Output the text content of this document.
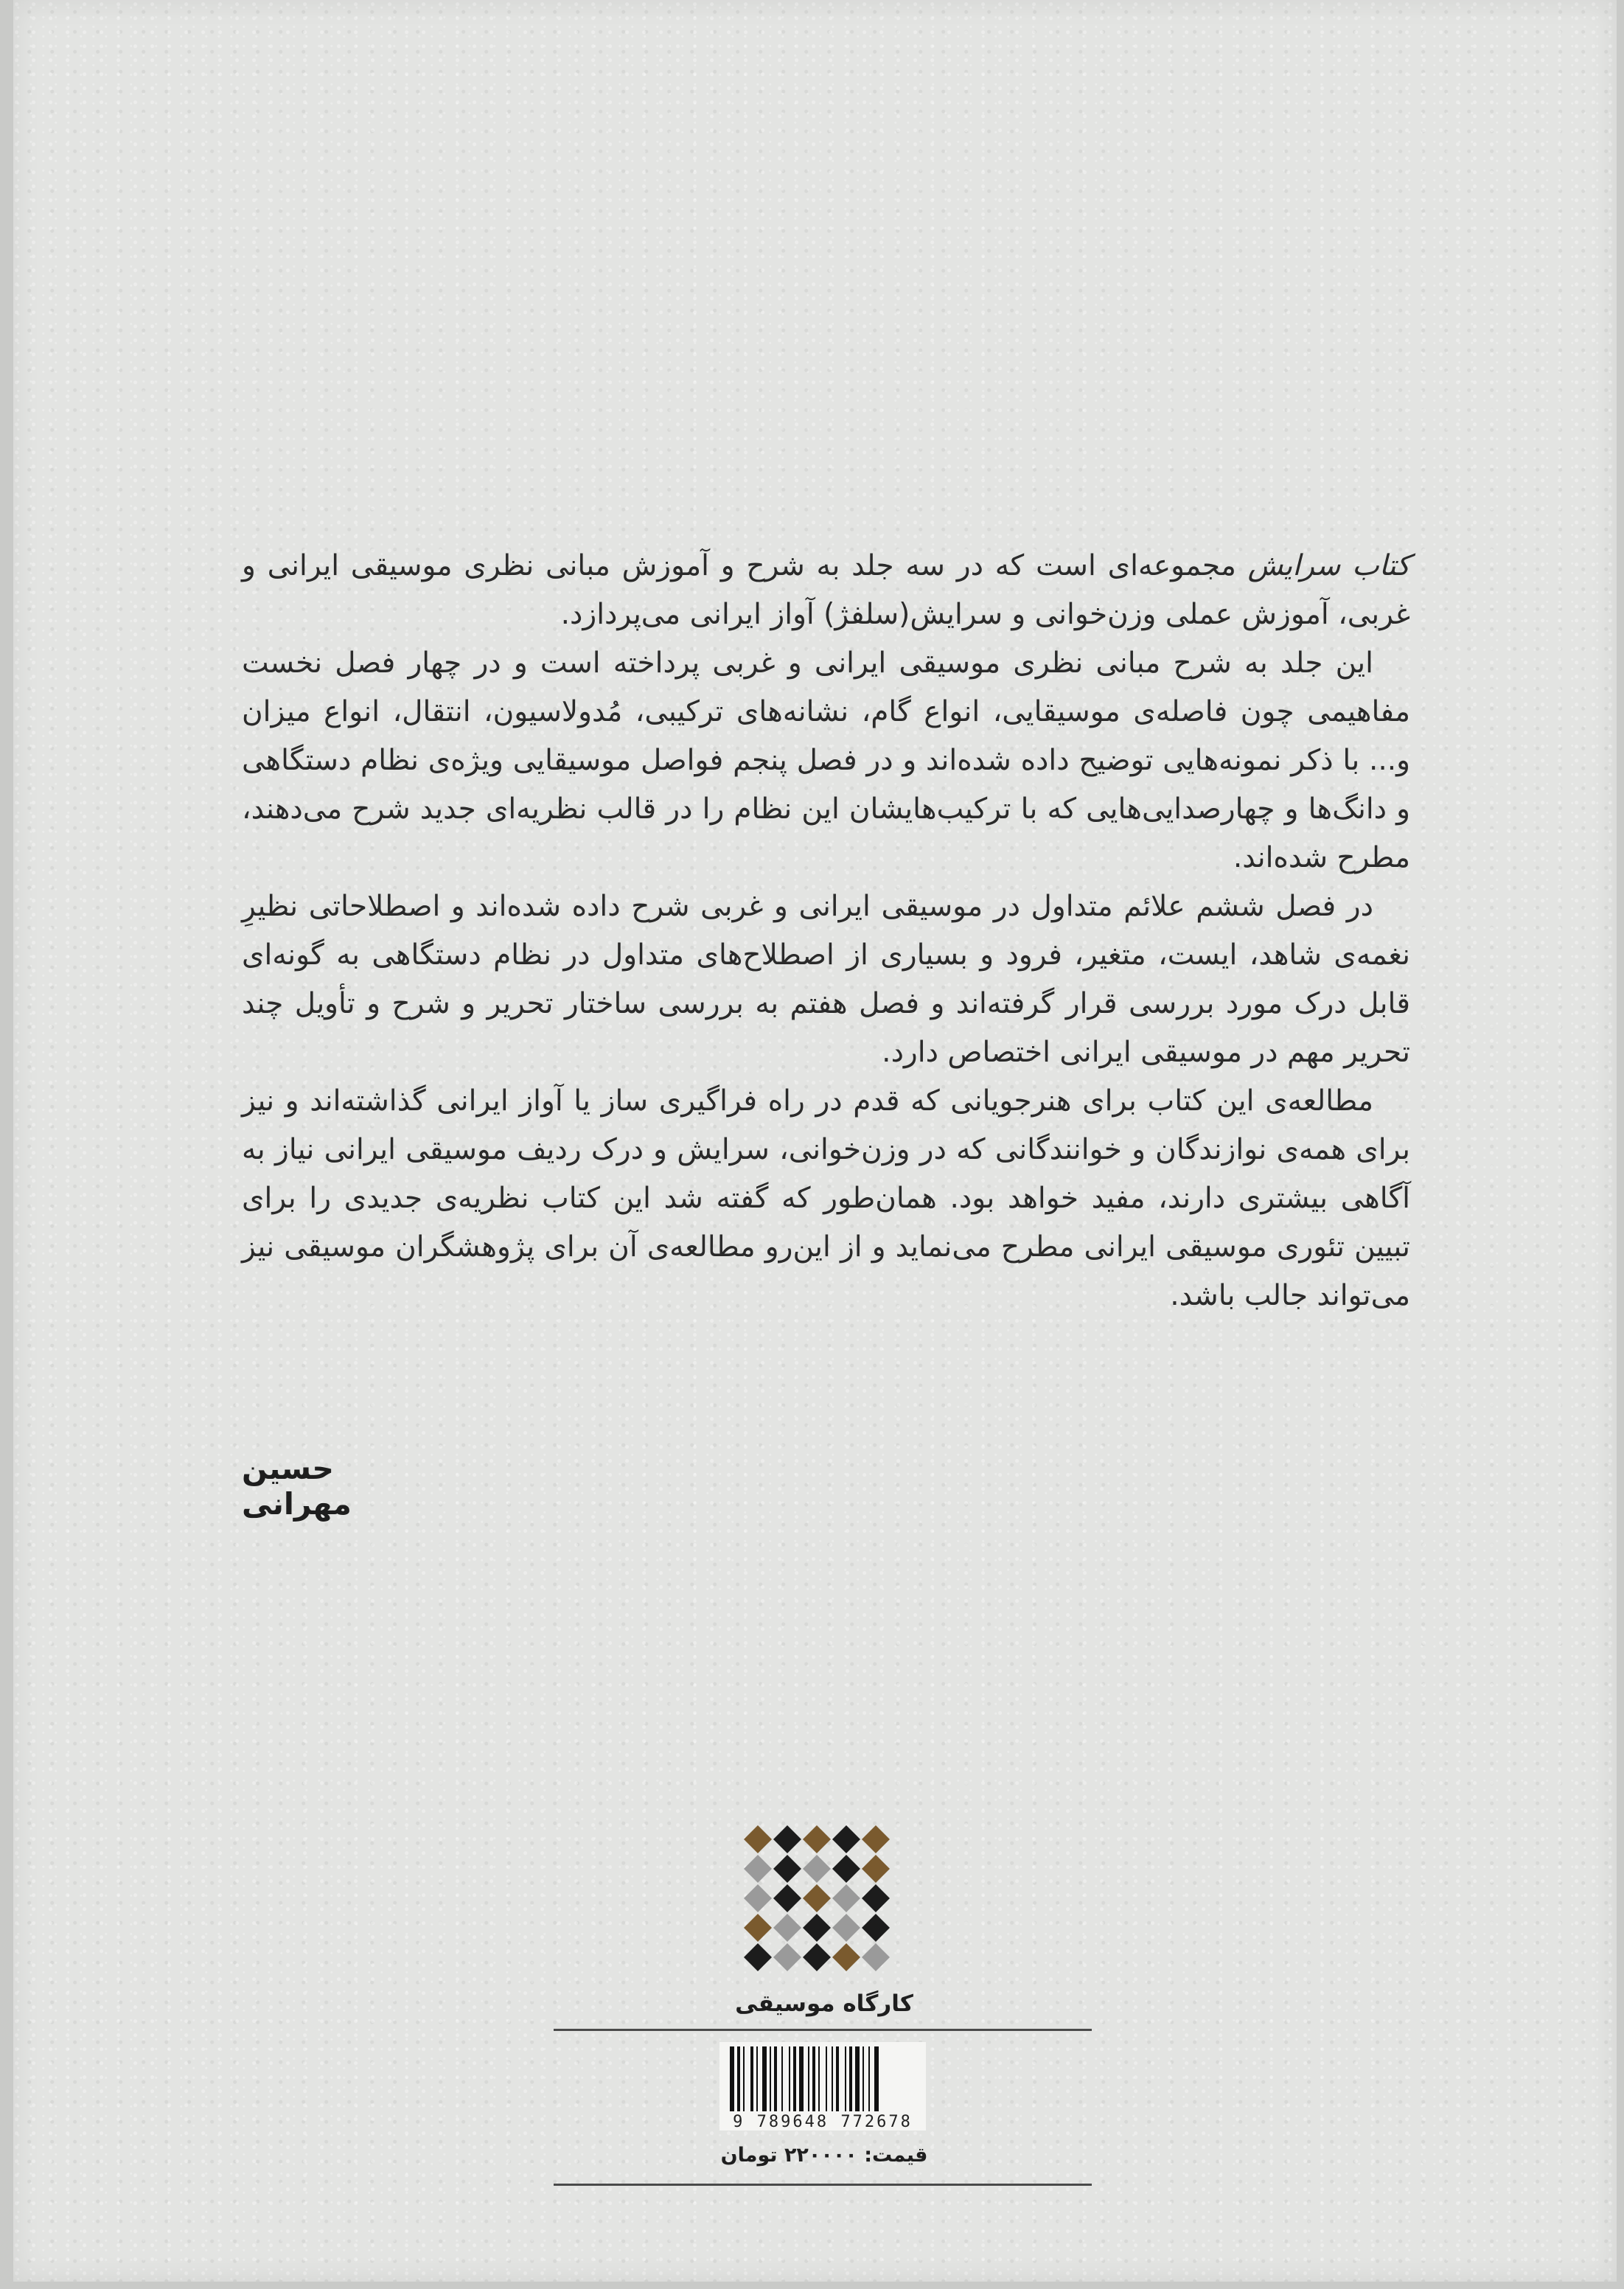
کتاب سرایش مجموعه‌ای است که در سه جلد به شرح و آموزش مبانی نظری موسیقی ایرانی و غربی، آموزش عملی وزن‌خوانی و سرایش(سلفژ) آواز ایرانی می‌پردازد.

این جلد به شرح مبانی نظری موسیقی ایرانی و غربی پرداخته است و در چهار فصل نخست مفاهیمی چون فاصله‌ی موسیقایی، انواع گام، نشانه‌های ترکیبی، مُدولاسیون، انتقال، انواع میزان و... با ذکر نمونه‌هایی توضیح داده شده‌اند و در فصل پنجم فواصل موسیقایی ویژه‌ی نظام دستگاهی و دانگ‌ها و چهارصدایی‌هایی که با ترکیب‌هایشان این نظام را در قالب نظریه‌ای جدید شرح می‌دهند، مطرح شده‌اند.

در فصل ششم علائم متداول در موسیقی ایرانی و غربی شرح داده شده‌اند و اصطلاحاتی نظیرِ نغمه‌ی شاهد، ایست، متغیر، فرود و بسیاری از اصطلاح‌های متداول در نظام دستگاهی به گونه‌ای قابل درک مورد بررسی قرار گرفته‌اند و فصل هفتم به بررسی ساختار تحریر و شرح و تأویل چند تحریر مهم در موسیقی ایرانی اختصاص دارد.

مطالعه‌ی این کتاب برای هنرجویانی که قدم در راه فراگیری ساز یا آواز ایرانی گذاشته‌اند و نیز برای همه‌ی نوازندگان و خوانندگانی که در وزن‌خوانی، سرایش و درک ردیف موسیقی ایرانی نیاز به آگاهی بیشتری دارند، مفید خواهد بود. همان‌طور که گفته شد این کتاب نظریه‌ی جدیدی را برای تبیین تئوری موسیقی ایرانی مطرح می‌نماید و از این‌رو مطالعه‌ی آن برای پژوهشگران موسیقی نیز می‌تواند جالب باشد.

حسین مهرانی
کارگاه موسیقی
9 789648 772678
قیمت: ۲۲۰۰۰۰ تومان
